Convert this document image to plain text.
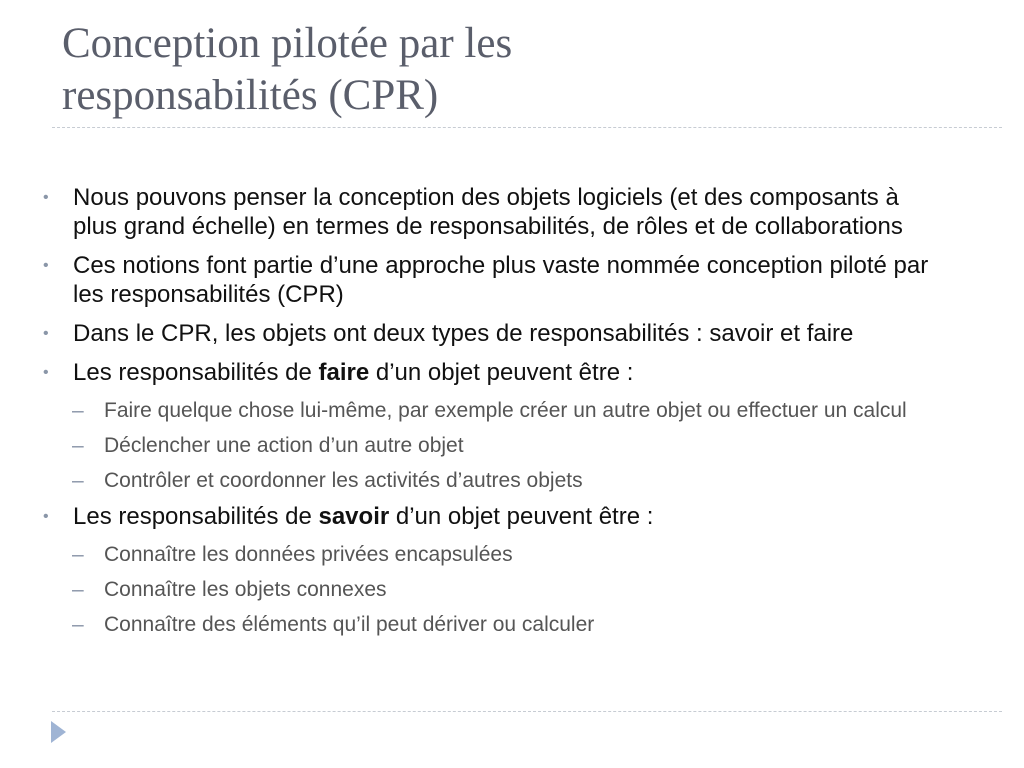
Conception pilotée par les
responsabilités (CPR)
• Nous pouvons penser la conception des objets logiciels (et des composants à plus grand échelle) en termes de responsabilités, de rôles et de collaborations
• Ces notions font partie d’une approche plus vaste nommée conception piloté par les responsabilités (CPR)
• Dans le CPR, les objets ont deux types de responsabilités : savoir et faire
• Les responsabilités de faire d’un objet peuvent être :
– Faire quelque chose lui-même, par exemple créer un autre objet ou effectuer un calcul
– Déclencher une action d’un autre objet
– Contrôler et coordonner les activités d’autres objets
• Les responsabilités de savoir d’un objet peuvent être :
– Connaître les données privées encapsulées
– Connaître les objets connexes
– Connaître des éléments qu’il peut dériver ou calculer
